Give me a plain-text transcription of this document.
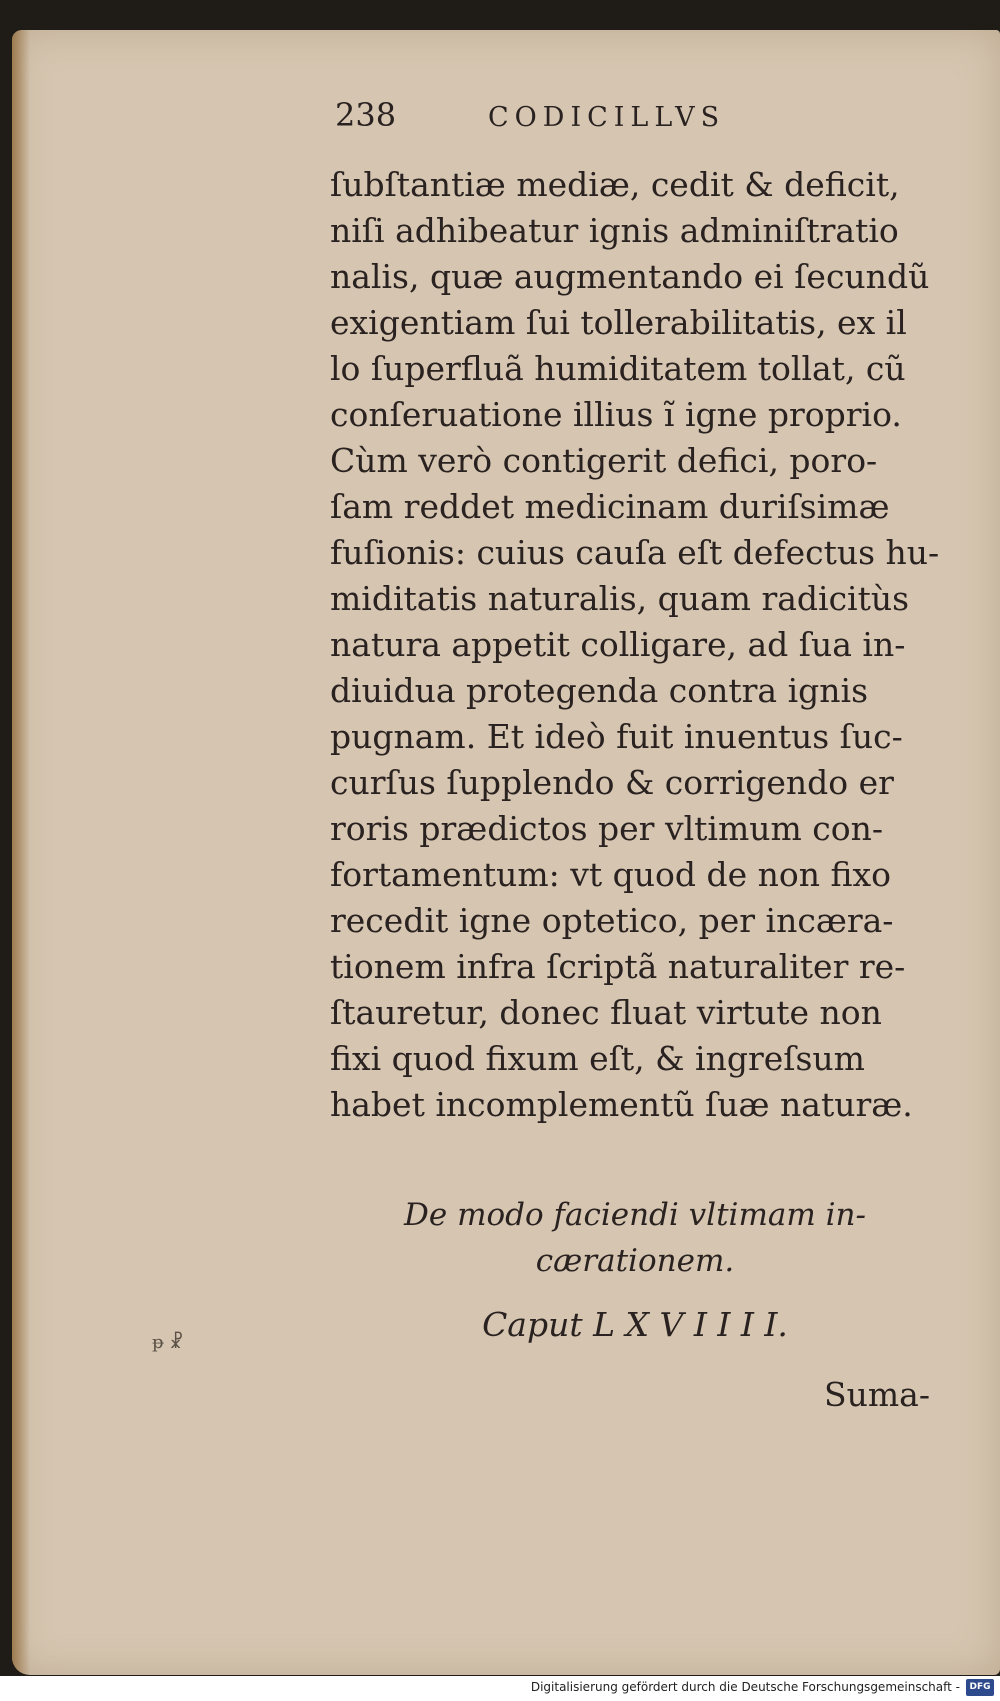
238	CODICILLVS
ſubſtantiæ mediæ, cedit & deficit,
niſi adhibeatur ignis adminiſtratio
nalis, quæ augmentando ei ſecundũ
exigentiam ſui tollerabilitatis, ex il
lo ſuperfluã humiditatem tollat, cũ
conſeruatione illius ĩ igne proprio.
Cùm verò contigerit defici, poro-
ſam reddet medicinam duriſsimæ
fuſionis: cuius cauſa eſt defectus hu-
miditatis naturalis, quam radicitùs
natura appetit colligare, ad ſua in-
diuidua protegenda contra ignis
pugnam. Et ideò fuit inuentus ſuc-
curſus ſupplendo & corrigendo er
roris prædictos per vltimum con-
fortamentum: vt quod de non fixo
recedit igne optetico, per incæra-
tionem infra ſcriptã naturaliter re-
ſtauretur, donec fluat virtute non
fixi quod fixum eſt, & ingreſsum
habet incomplementũ ſuæ naturæ.
De modo faciendi vltimam in-
cærationem.
Caput L X V I I I I.
ᵽ ☧
Suma-
Digitalisierung gefördert durch die Deutsche Forschungsgemeinschaft -	DFG
